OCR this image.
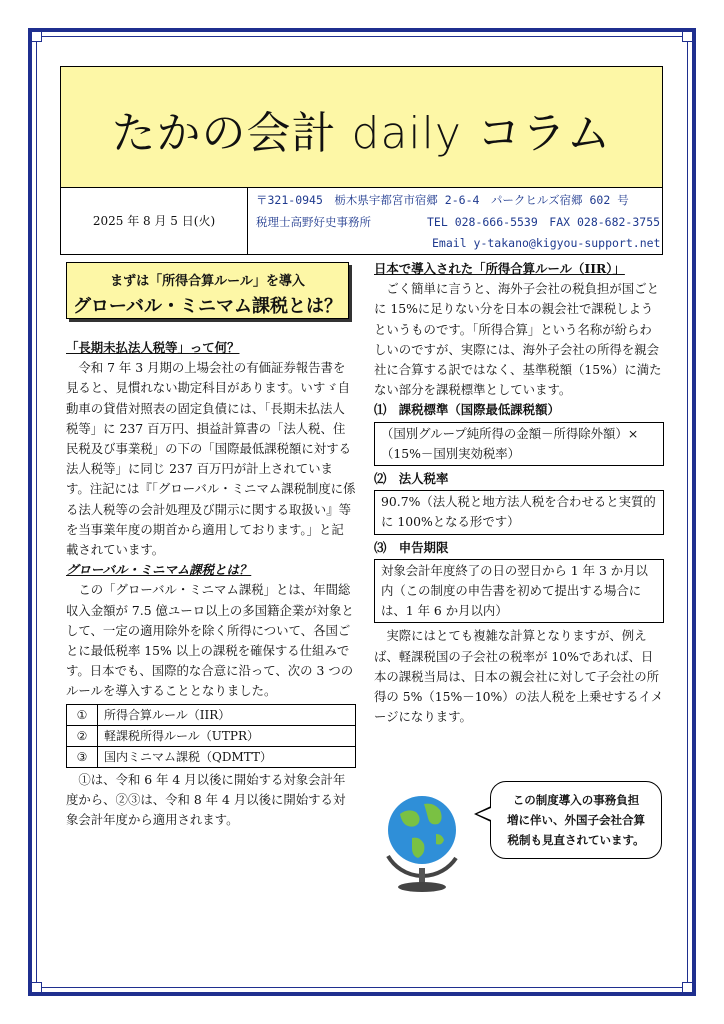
たかの会計 daily コラム
2025 年 8 月 5 日(火)
〒321-0945　栃木県宇都宮市宿郷 2-6-4　パークヒルズ宿郷 602 号
税理士高野好史事務所	TEL 028-666-5539　FAX 028-682-3755
Email y-takano@kigyou-support.net
まずは「所得合算ルール」を導入
グローバル・ミニマム課税とは？

「長期未払法人税等」って何？

令和 7 年 3 月期の上場会社の有価証券報告書を見ると、見慣れない勘定科目があります。いすゞ自動車の貸借対照表の固定負債には、「長期未払法人税等」に 237 百万円、損益計算書の「法人税、住民税及び事業税」の下の「国際最低課税額に対する法人税等」に同じ 237 百万円が計上されています。注記には『「グローバル・ミニマム課税制度に係る法人税等の会計処理及び開示に関する取扱い』等を当事業年度の期首から適用しております。」と記載されています。

グローバル・ミニマム課税とは？

この「グローバル・ミニマム課税」とは、年間総収入金額が 7.5 億ユーロ以上の多国籍企業が対象として、一定の適用除外を除く所得について、各国ごとに最低税率 15% 以上の課税を確保する仕組みです。日本でも、国際的な合意に沿って、次の 3 つのルールを導入することとなりました。

①	所得合算ルール（IIR）
②	軽課税所得ルール（UTPR）
③	国内ミニマム課税（QDMTT）

①は、令和 6 年 4 月以後に開始する対象会計年度から、②③は、令和 8 年 4 月以後に開始する対象会計年度から適用されます。

日本で導入された「所得合算ルール（IIR）」

ごく簡単に言うと、海外子会社の税負担が国ごとに 15%に足りない分を日本の親会社で課税しようというものです。「所得合算」という名称が紛らわしいのですが、実際には、海外子会社の所得を親会社に合算する訳ではなく、基準税額（15%）に満たない部分を課税標準としています。

⑴　課税標準（国際最低課税額）

（国別グループ純所得の金額－所得除外額）×（15%－国別実効税率）

⑵　法人税率

90.7%（法人税と地方法人税を合わせると実質的に 100%となる形です）

⑶　申告期限

対象会計年度終了の日の翌日から 1 年 3 か月以内（この制度の申告書を初めて提出する場合には、1 年 6 か月以内）

実際にはとても複雑な計算となりますが、例えば、軽課税国の子会社の税率が 10%であれば、日本の課税当局は、日本の親会社に対して子会社の所得の 5%（15%－10%）の法人税を上乗せするイメージになります。

この制度導入の事務負担
増に伴い、外国子会社合算
税制も見直されています。
